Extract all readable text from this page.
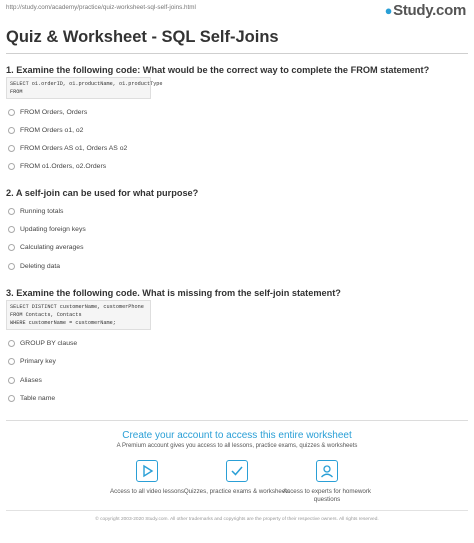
http://study.com/academy/practice/quiz-worksheet-sql-self-joins.html	●Study.com
Quiz & Worksheet - SQL Self-Joins
1. Examine the following code: What would be the correct way to complete the FROM statement?
SELECT o1.orderID, o1.productName, o1.productType
FROM
FROM Orders, Orders
FROM Orders o1, o2
FROM Orders AS o1, Orders AS o2
FROM o1.Orders, o2.Orders
2. A self-join can be used for what purpose?
Running totals
Updating foreign keys
Calculating averages
Deleting data
3. Examine the following code. What is missing from the self-join statement?
SELECT DISTINCT customerName, customerPhone
FROM Contacts, Contacts
WHERE customerName = customerName;
GROUP BY clause
Primary key
Aliases
Table name
Create your account to access this entire worksheet
A Premium account gives you access to all lessons, practice exams, quizzes & worksheets
Access to all video lessons Quizzes, practice exams & worksheets
Access to experts for homework questions
© copyright 2003-2020 Study.com. All other trademarks and copyrights are the property of their respective owners. All rights reserved.
